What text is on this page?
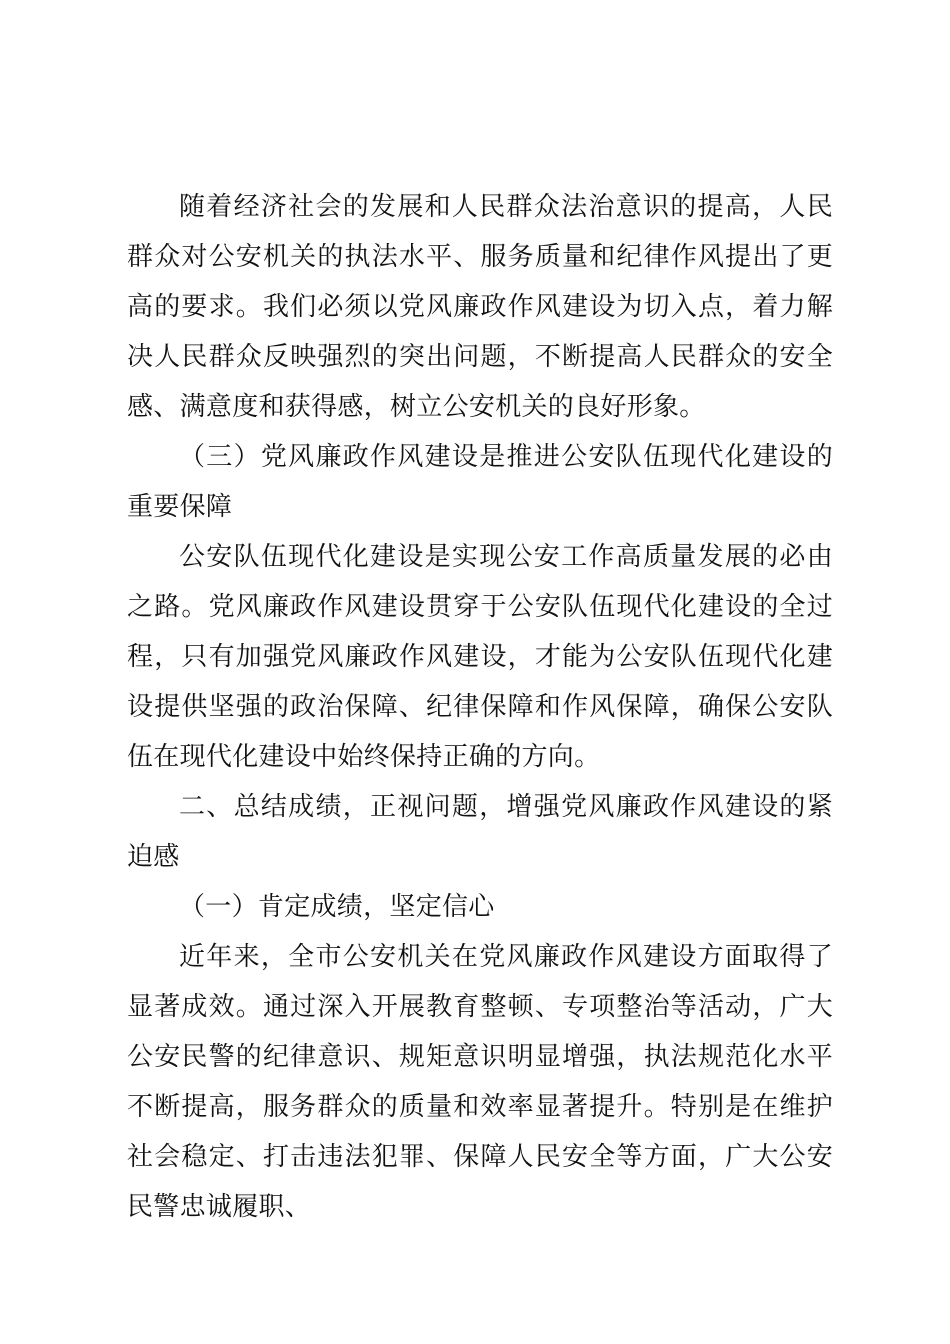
随着经济社会的发展和人民群众法治意识的提高，人民群众对公安机关的执法水平、服务质量和纪律作风提出了更高的要求。我们必须以党风廉政作风建设为切入点，着力解决人民群众反映强烈的突出问题，不断提高人民群众的安全感、满意度和获得感，树立公安机关的良好形象。

（三）党风廉政作风建设是推进公安队伍现代化建设的重要保障

公安队伍现代化建设是实现公安工作高质量发展的必由之路。党风廉政作风建设贯穿于公安队伍现代化建设的全过程，只有加强党风廉政作风建设，才能为公安队伍现代化建设提供坚强的政治保障、纪律保障和作风保障，确保公安队伍在现代化建设中始终保持正确的方向。

二、总结成绩，正视问题，增强党风廉政作风建设的紧迫感

（一）肯定成绩，坚定信心

近年来，全市公安机关在党风廉政作风建设方面取得了显著成效。通过深入开展教育整顿、专项整治等活动，广大公安民警的纪律意识、规矩意识明显增强，执法规范化水平不断提高，服务群众的质量和效率显著提升。特别是在维护社会稳定、打击违法犯罪、保障人民安全等方面，广大公安民警忠诚履职、
